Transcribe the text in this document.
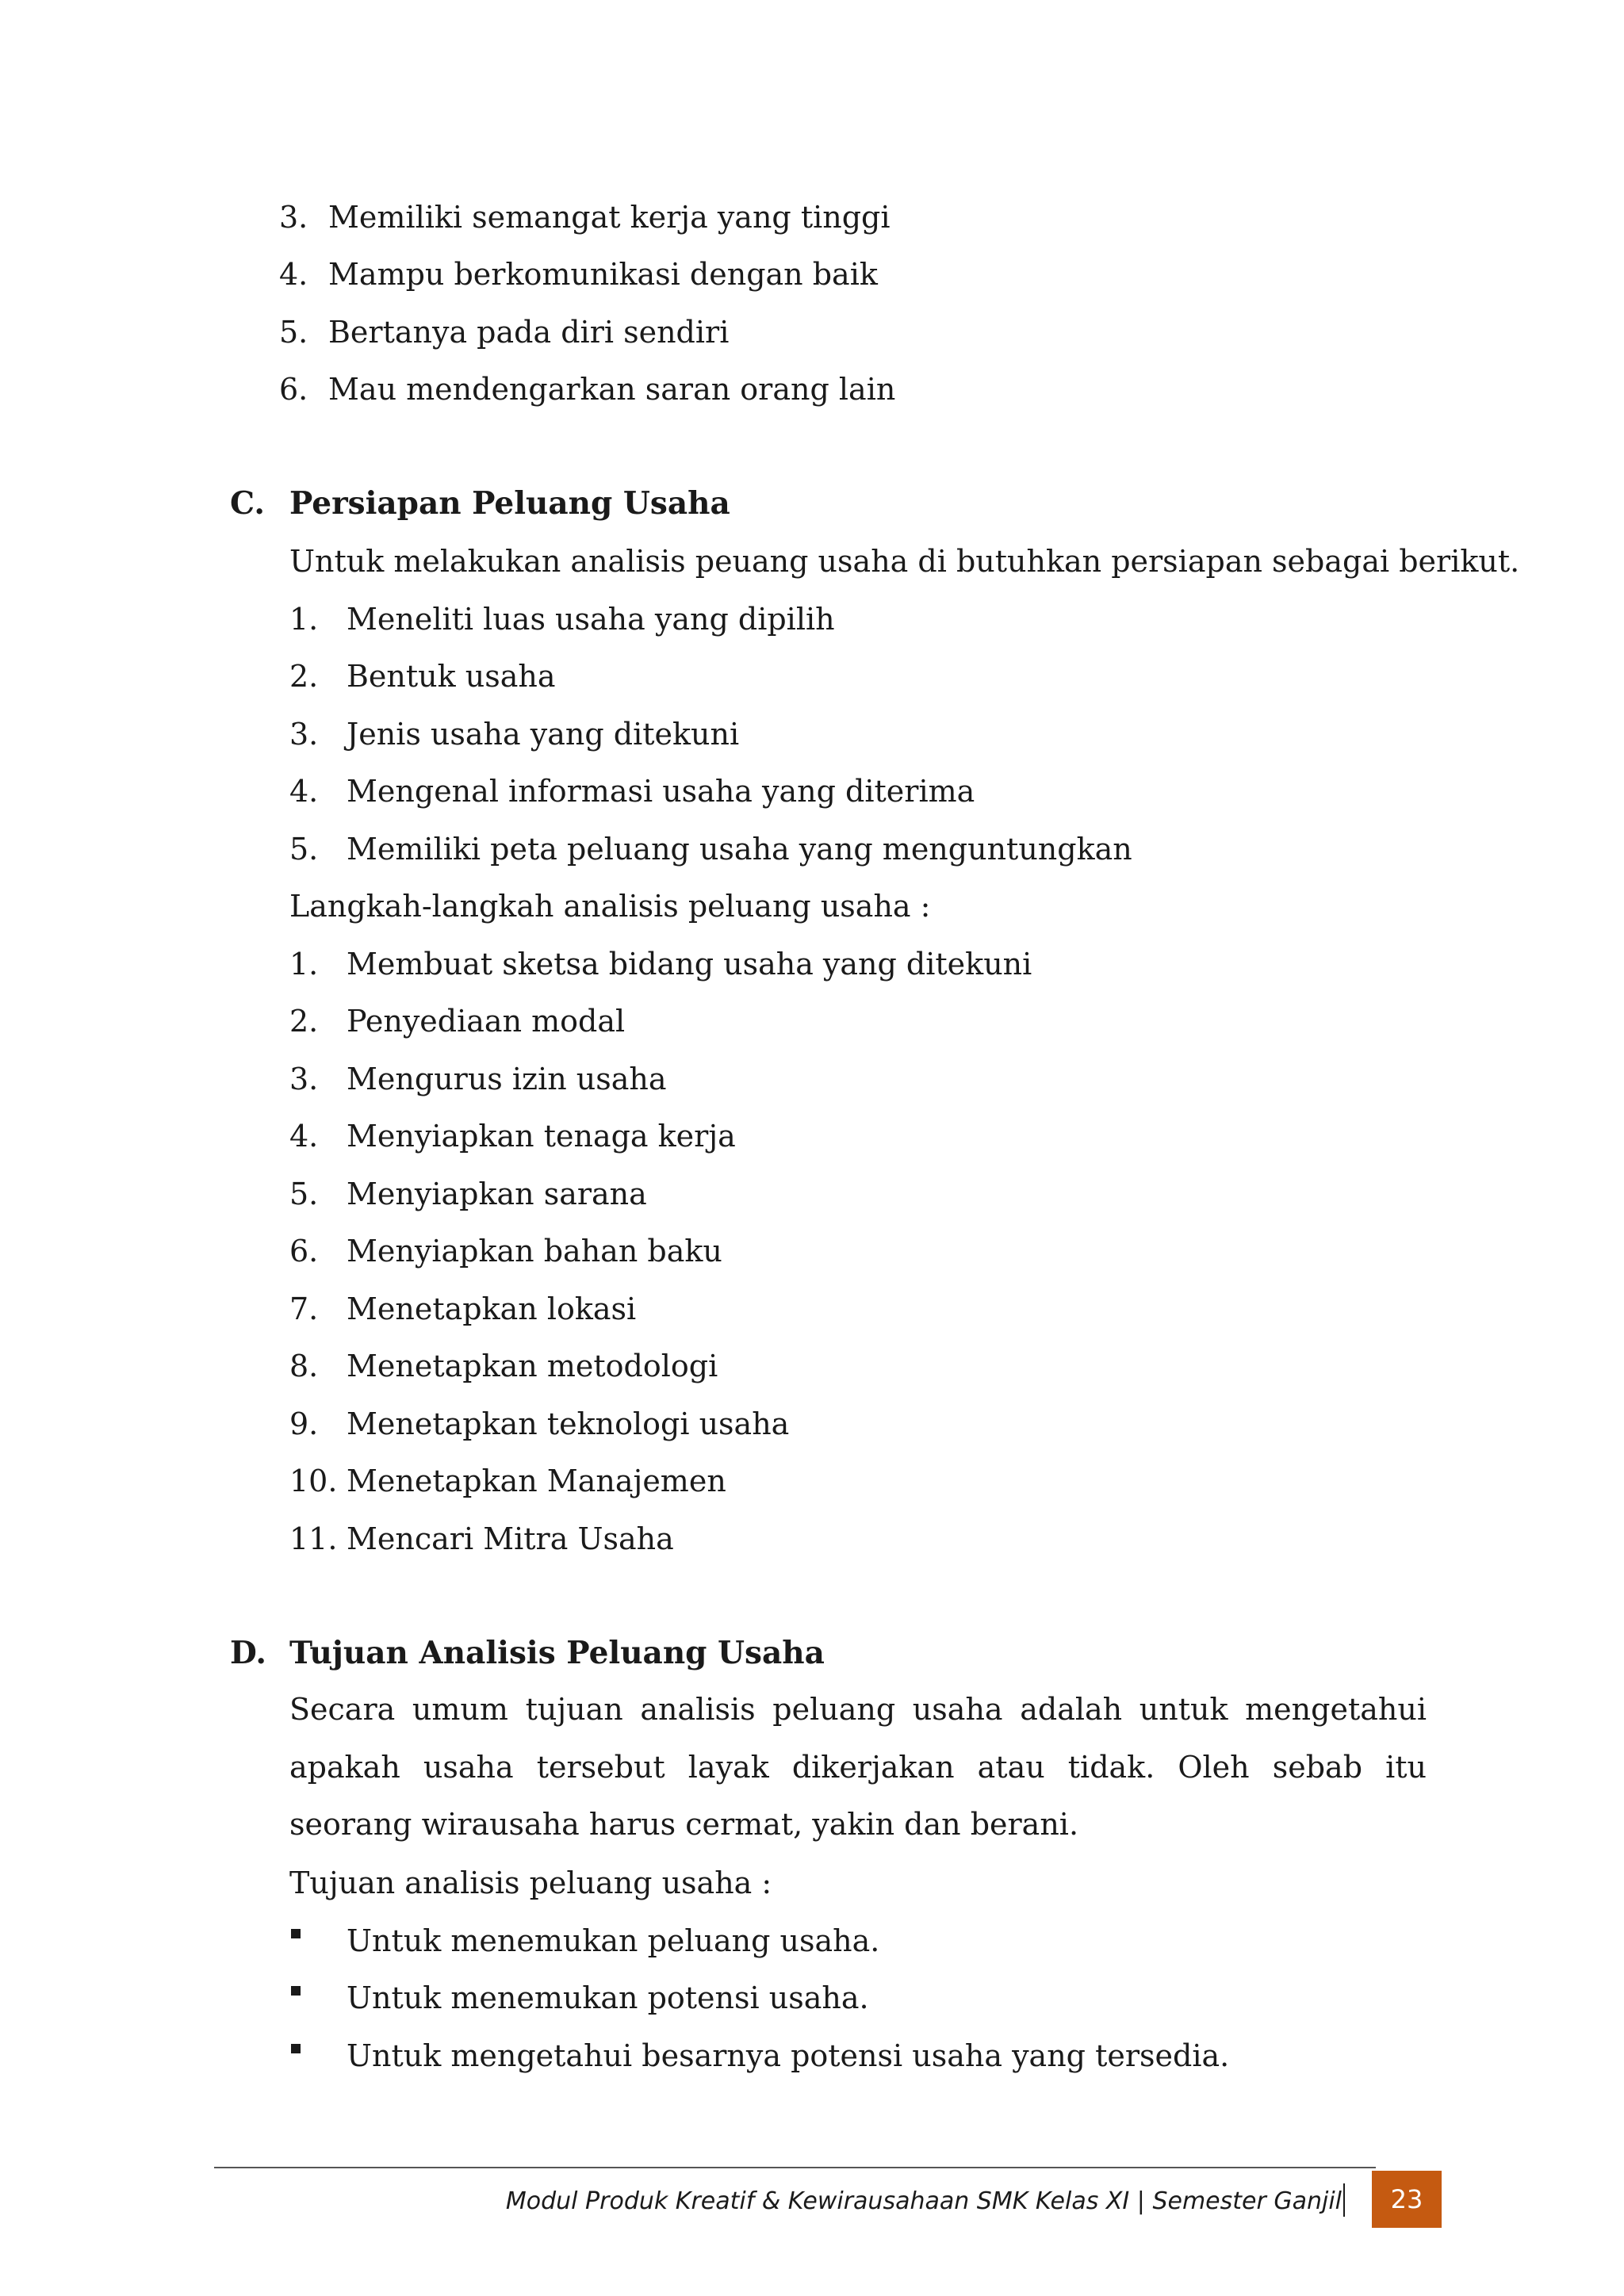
3. Memiliki semangat kerja yang tinggi
4. Mampu berkomunikasi dengan baik
5. Bertanya pada diri sendiri
6. Mau mendengarkan saran orang lain
C. Persiapan Peluang Usaha
Untuk melakukan analisis peuang usaha di butuhkan persiapan sebagai berikut.
1. Meneliti luas usaha yang dipilih
2. Bentuk usaha
3. Jenis usaha yang ditekuni
4. Mengenal informasi usaha yang diterima
5. Memiliki peta peluang usaha yang menguntungkan
Langkah-langkah analisis peluang usaha :
1. Membuat sketsa bidang usaha yang ditekuni
2. Penyediaan modal
3. Mengurus izin usaha
4. Menyiapkan tenaga kerja
5. Menyiapkan sarana
6. Menyiapkan bahan baku
7. Menetapkan lokasi
8. Menetapkan metodologi
9. Menetapkan teknologi usaha
10. Menetapkan Manajemen
11. Mencari Mitra Usaha
D. Tujuan Analisis Peluang Usaha
Secara umum tujuan analisis peluang usaha adalah untuk mengetahui apakah usaha tersebut layak dikerjakan atau tidak. Oleh sebab itu seorang wirausaha harus cermat, yakin dan berani.
Tujuan analisis peluang usaha :
Untuk menemukan peluang usaha.
Untuk menemukan potensi usaha.
Untuk mengetahui besarnya potensi usaha yang tersedia.
Modul Produk Kreatif & Kewirausahaan SMK Kelas XI | Semester Ganjil	23
